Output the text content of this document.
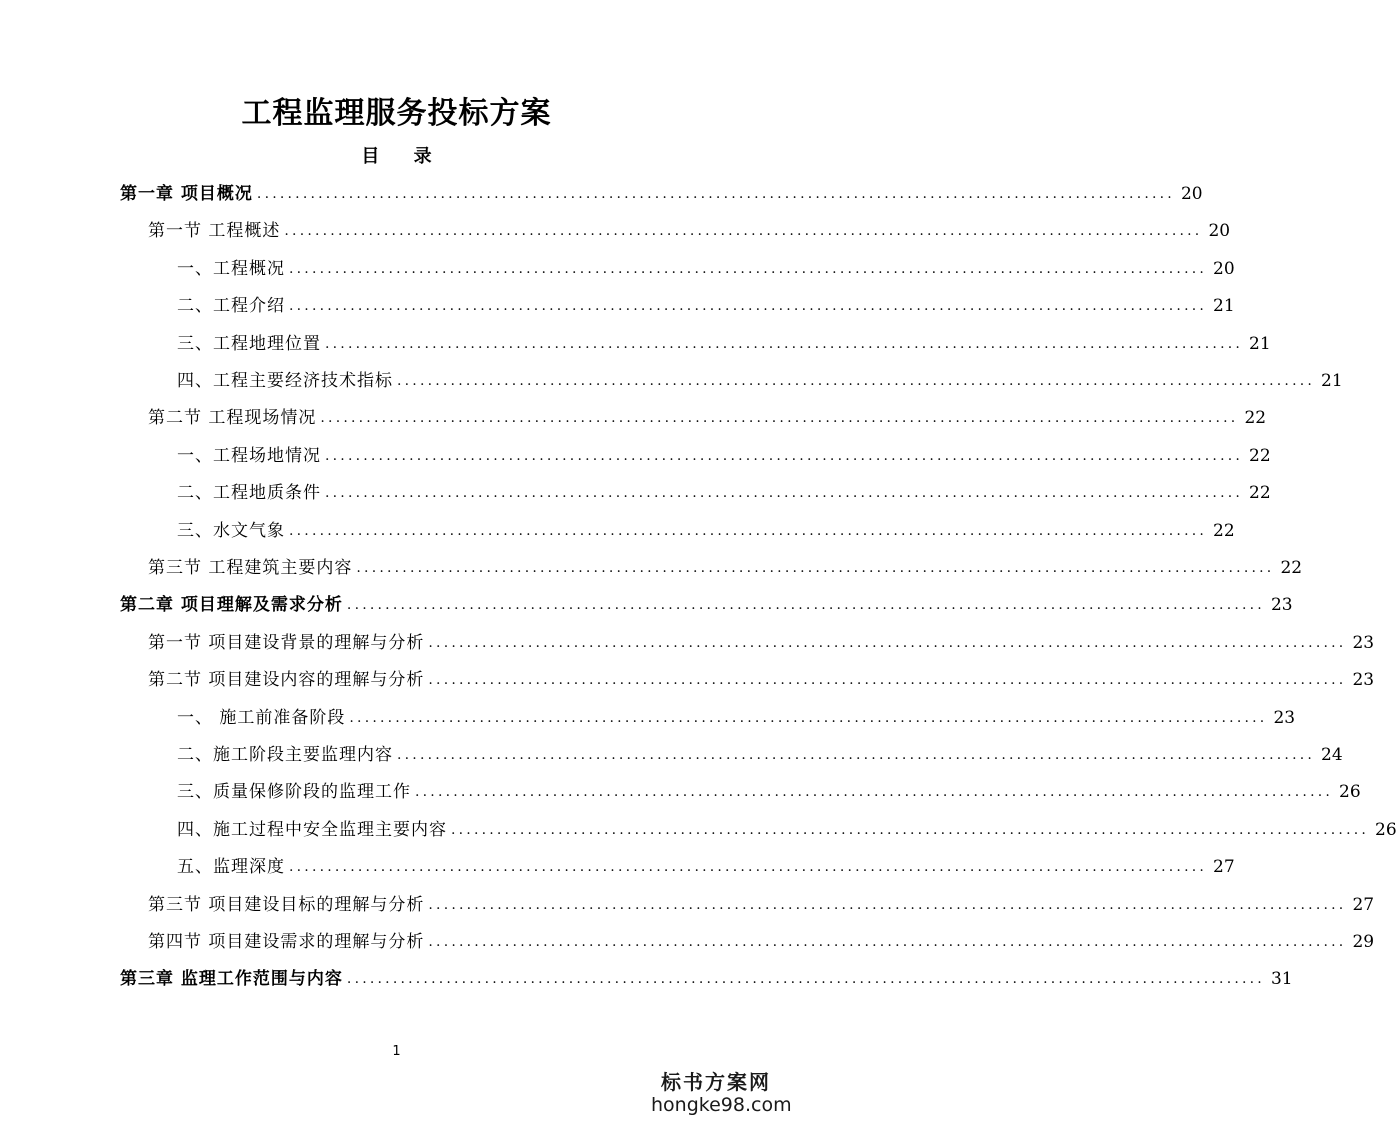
工程监理服务投标方案
目 录
第一章 项目概况 ........................................................................................................................ 20
第一节 工程概述 ........................................................................................................................ 20
一、工程概况 ........................................................................................................................ 20
二、工程介绍 ........................................................................................................................ 21
三、工程地理位置 ........................................................................................................................ 21
四、工程主要经济技术指标 ........................................................................................................................ 21
第二节 工程现场情况 ........................................................................................................................ 22
一、工程场地情况 ........................................................................................................................ 22
二、工程地质条件 ........................................................................................................................ 22
三、水文气象 ........................................................................................................................ 22
第三节 工程建筑主要内容 ........................................................................................................................ 22
第二章 项目理解及需求分析 ........................................................................................................................ 23
第一节 项目建设背景的理解与分析 ........................................................................................................................ 23
第二节 项目建设内容的理解与分析 ........................................................................................................................ 23
一、 施工前准备阶段 ........................................................................................................................ 23
二、施工阶段主要监理内容 ........................................................................................................................ 24
三、质量保修阶段的监理工作 ........................................................................................................................ 26
四、施工过程中安全监理主要内容 ........................................................................................................................ 26
五、监理深度 ........................................................................................................................ 27
第三节 项目建设目标的理解与分析 ........................................................................................................................ 27
第四节 项目建设需求的理解与分析 ........................................................................................................................ 29
第三章 监理工作范围与内容 ........................................................................................................................ 31
1
标书方案网
hongke98.com
